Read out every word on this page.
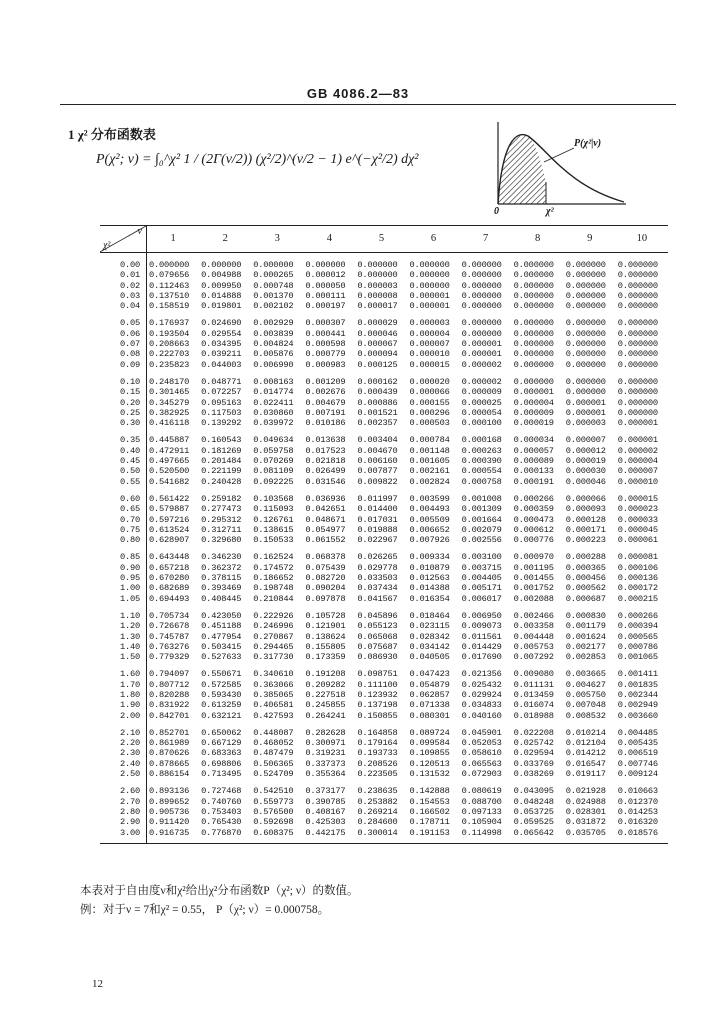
GB 4086.2—83
1 χ² 分布函数表
P(χ²; ν) = ∫₀^χ² 1 / (2Γ(ν/2)) (χ²/2)^(ν/2 − 1) e^(−χ²/2) dχ²
P(χ²|ν)
0	χ²
ν
χ²	1	2	3	4	5	6	7	8	9	10
0.00	0.000000	0.000000	0.000000	0.000000	0.000000	0.000000	0.000000	0.000000	0.000000	0.000000
0.01	0.079656	0.004988	0.000265	0.000012	0.000000	0.000000	0.000000	0.000000	0.000000	0.000000
0.02	0.112463	0.009950	0.000748	0.000050	0.000003	0.000000	0.000000	0.000000	0.000000	0.000000
0.03	0.137510	0.014888	0.001370	0.000111	0.000008	0.000001	0.000000	0.000000	0.000000	0.000000
0.04	0.158519	0.019801	0.002102	0.000197	0.000017	0.000001	0.000000	0.000000	0.000000	0.000000
0.05	0.176937	0.024690	0.002929	0.000307	0.000029	0.000003	0.000000	0.000000	0.000000	0.000000
0.06	0.193504	0.029554	0.003839	0.000441	0.000046	0.000004	0.000000	0.000000	0.000000	0.000000
0.07	0.208663	0.034395	0.004824	0.000598	0.000067	0.000007	0.000001	0.000000	0.000000	0.000000
0.08	0.222703	0.039211	0.005876	0.000779	0.000094	0.000010	0.000001	0.000000	0.000000	0.000000
0.09	0.235823	0.044003	0.006990	0.000983	0.000125	0.000015	0.000002	0.000000	0.000000	0.000000
0.10	0.248170	0.048771	0.008163	0.001209	0.000162	0.000020	0.000002	0.000000	0.000000	0.000000
0.15	0.301465	0.072257	0.014774	0.002676	0.000439	0.000066	0.000009	0.000001	0.000000	0.000000
0.20	0.345279	0.095163	0.022411	0.004679	0.000886	0.000155	0.000025	0.000004	0.000001	0.000000
0.25	0.382925	0.117503	0.030860	0.007191	0.001521	0.000296	0.000054	0.000009	0.000001	0.000000
0.30	0.416118	0.139292	0.039972	0.010186	0.002357	0.000503	0.000100	0.000019	0.000003	0.000001
0.35	0.445887	0.160543	0.049634	0.013638	0.003404	0.000784	0.000168	0.000034	0.000007	0.000001
0.40	0.472911	0.181269	0.059758	0.017523	0.004670	0.001148	0.000263	0.000057	0.000012	0.000002
0.45	0.497665	0.201484	0.070269	0.021818	0.006160	0.001605	0.000390	0.000089	0.000019	0.000004
0.50	0.520500	0.221199	0.081109	0.026499	0.007877	0.002161	0.000554	0.000133	0.000030	0.000007
0.55	0.541682	0.240428	0.092225	0.031546	0.009822	0.002824	0.000758	0.000191	0.000046	0.000010
0.60	0.561422	0.259182	0.103568	0.036936	0.011997	0.003599	0.001008	0.000266	0.000066	0.000015
0.65	0.579887	0.277473	0.115093	0.042651	0.014400	0.004493	0.001309	0.000359	0.000093	0.000023
0.70	0.597216	0.295312	0.126761	0.048671	0.017031	0.005509	0.001664	0.000473	0.000128	0.000033
0.75	0.613524	0.312711	0.138615	0.054977	0.019888	0.006652	0.002079	0.000612	0.000171	0.000045
0.80	0.628907	0.329680	0.150533	0.061552	0.022967	0.007926	0.002556	0.000776	0.000223	0.000061
0.85	0.643448	0.346230	0.162524	0.068378	0.026265	0.009334	0.003100	0.000970	0.000288	0.000081
0.90	0.657218	0.362372	0.174572	0.075439	0.029778	0.010879	0.003715	0.001195	0.000365	0.000106
0.95	0.670280	0.378115	0.186652	0.082720	0.033503	0.012563	0.004405	0.001455	0.000456	0.000136
1.00	0.682689	0.393469	0.198748	0.090204	0.037434	0.014388	0.005171	0.001752	0.000562	0.000172
1.05	0.694493	0.408445	0.210844	0.097878	0.041567	0.016354	0.006017	0.002088	0.000687	0.000215
1.10	0.705734	0.423050	0.222926	0.105728	0.045896	0.018464	0.006950	0.002466	0.000830	0.000266
1.20	0.726678	0.451188	0.246996	0.121901	0.055123	0.023115	0.009073	0.003358	0.001179	0.000394
1.30	0.745787	0.477954	0.270867	0.138624	0.065068	0.028342	0.011561	0.004448	0.001624	0.000565
1.40	0.763276	0.503415	0.294465	0.155805	0.075687	0.034142	0.014429	0.005753	0.002177	0.000786
1.50	0.779329	0.527633	0.317730	0.173359	0.086930	0.040505	0.017690	0.007292	0.002853	0.001065
1.60	0.794097	0.550671	0.340610	0.191208	0.098751	0.047423	0.021356	0.009080	0.003665	0.001411
1.70	0.807712	0.572585	0.363066	0.209282	0.111100	0.054879	0.025432	0.011131	0.004627	0.001835
1.80	0.820288	0.593430	0.385065	0.227518	0.123932	0.062857	0.029924	0.013459	0.005750	0.002344
1.90	0.831922	0.613259	0.406581	0.245855	0.137198	0.071338	0.034833	0.016074	0.007048	0.002949
2.00	0.842701	0.632121	0.427593	0.264241	0.150855	0.080301	0.040160	0.018988	0.008532	0.003660
2.10	0.852701	0.650062	0.448087	0.282628	0.164858	0.089724	0.045901	0.022208	0.010214	0.004485
2.20	0.861989	0.667129	0.468052	0.300971	0.179164	0.099584	0.052053	0.025742	0.012104	0.005435
2.30	0.870626	0.683363	0.487479	0.319231	0.193733	0.109855	0.058610	0.029594	0.014212	0.006519
2.40	0.878665	0.698806	0.506365	0.337373	0.208526	0.120513	0.065563	0.033769	0.016547	0.007746
2.50	0.886154	0.713495	0.524709	0.355364	0.223505	0.131532	0.072903	0.038269	0.019117	0.009124
2.60	0.893136	0.727468	0.542510	0.373177	0.238635	0.142888	0.080619	0.043095	0.021928	0.010663
2.70	0.899652	0.740760	0.559773	0.390785	0.253882	0.154553	0.088700	0.048248	0.024988	0.012370
2.80	0.905736	0.753403	0.576500	0.408167	0.269214	0.166502	0.097133	0.053725	0.028301	0.014253
2.90	0.911420	0.765430	0.592698	0.425303	0.284600	0.178711	0.105904	0.059525	0.031872	0.016320
3.00	0.916735	0.776870	0.608375	0.442175	0.300014	0.191153	0.114998	0.065642	0.035705	0.018576
本表对于自由度ν和χ²给出χ²分布函数P（χ²; ν）的数值。
例：对于ν = 7和χ² = 0.55， P（χ²; ν）= 0.000758。
12
